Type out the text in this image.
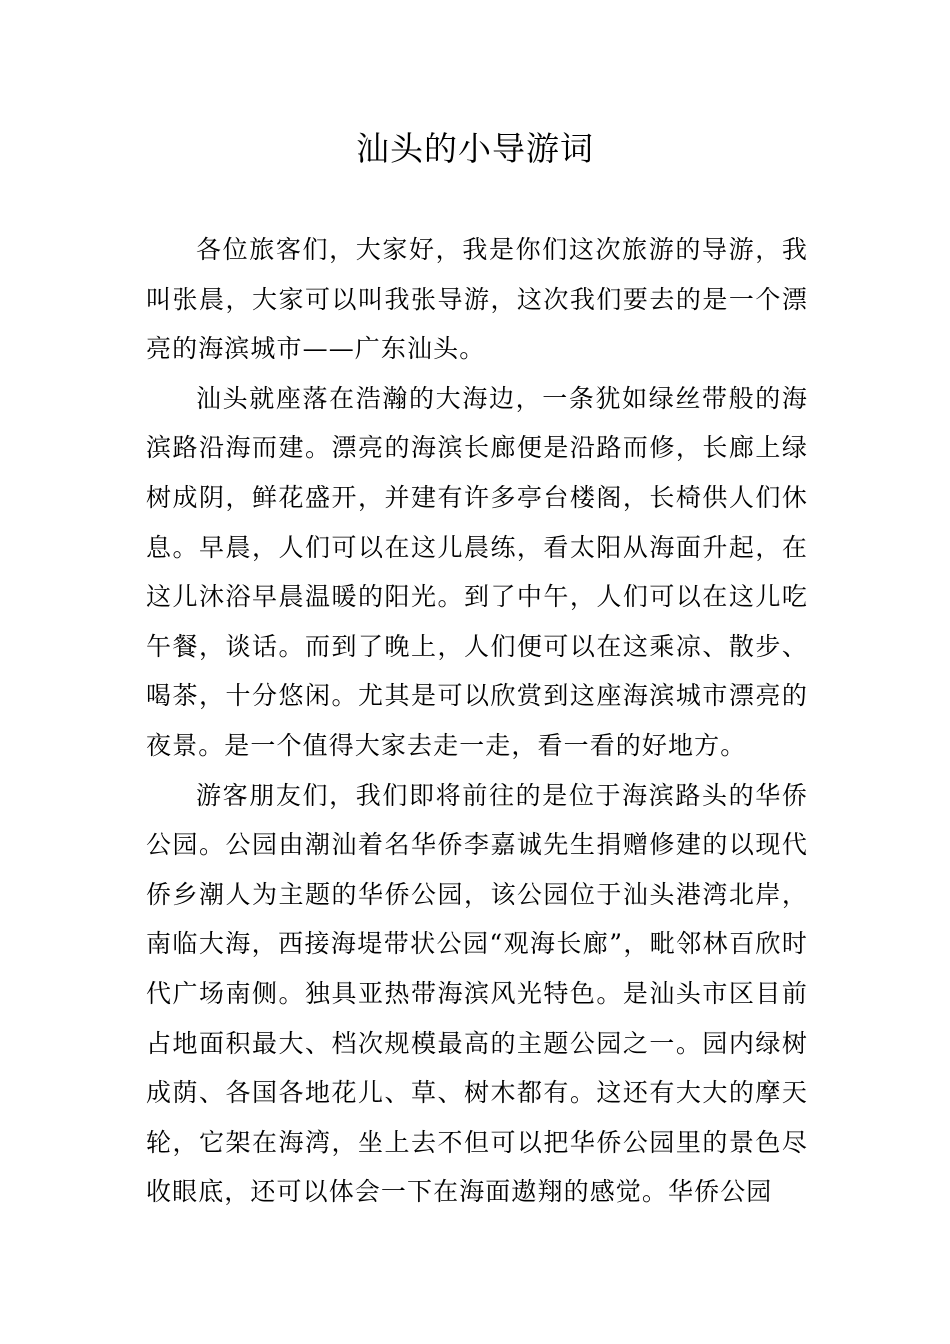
汕头的小导游词

各位旅客们，大家好，我是你们这次旅游的导游，我叫张晨，大家可以叫我张导游，这次我们要去的是一个漂亮的海滨城市——广东汕头。

汕头就座落在浩瀚的大海边，一条犹如绿丝带般的海滨路沿海而建。漂亮的海滨长廊便是沿路而修，长廊上绿树成阴，鲜花盛开，并建有许多亭台楼阁，长椅供人们休息。早晨，人们可以在这儿晨练，看太阳从海面升起，在这儿沐浴早晨温暖的阳光。到了中午，人们可以在这儿吃午餐，谈话。而到了晚上，人们便可以在这乘凉、散步、喝茶，十分悠闲。尤其是可以欣赏到这座海滨城市漂亮的夜景。是一个值得大家去走一走，看一看的好地方。

游客朋友们，我们即将前往的是位于海滨路头的华侨公园。公园由潮汕着名华侨李嘉诚先生捐赠修建的以现代侨乡潮人为主题的华侨公园，该公园位于汕头港湾北岸，南临大海，西接海堤带状公园“观海长廊”，毗邻林百欣时代广场南侧。独具亚热带海滨风光特色。是汕头市区目前占地面积最大、档次规模最高的主题公园之一。园内绿树成荫、各国各地花儿、草、树木都有。这还有大大的摩天轮，它架在海湾，坐上去不但可以把华侨公园里的景色尽收眼底，还可以体会一下在海面遨翔的感觉。华侨公园
